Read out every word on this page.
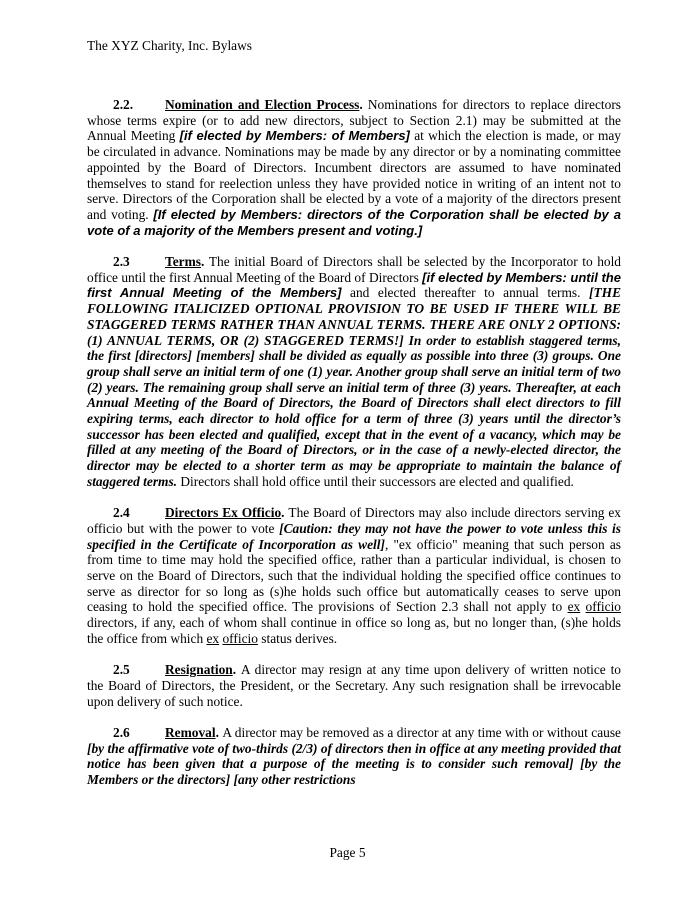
The XYZ Charity, Inc. Bylaws

2.2. Nomination and Election Process. Nominations for directors to replace directors whose terms expire (or to add new directors, subject to Section 2.1) may be submitted at the Annual Meeting [if elected by Members: of Members] at which the election is made, or may be circulated in advance. Nominations may be made by any director or by a nominating committee appointed by the Board of Directors. Incumbent directors are assumed to have nominated themselves to stand for reelection unless they have provided notice in writing of an intent not to serve. Directors of the Corporation shall be elected by a vote of a majority of the directors present and voting. [If elected by Members: directors of the Corporation shall be elected by a vote of a majority of the Members present and voting.]

2.3	Terms. The initial Board of Directors shall be selected by the Incorporator to hold office until the first Annual Meeting of the Board of Directors [if elected by Members: until the first Annual Meeting of the Members] and elected thereafter to annual terms. [THE FOLLOWING ITALICIZED OPTIONAL PROVISION TO BE USED IF THERE WILL BE STAGGERED TERMS RATHER THAN ANNUAL TERMS. THERE ARE ONLY 2 OPTIONS: (1) ANNUAL TERMS, OR (2) STAGGERED TERMS!] In order to establish staggered terms, the first [directors] [members] shall be divided as equally as possible into three (3) groups. One group shall serve an initial term of one (1) year. Another group shall serve an initial term of two (2) years. The remaining group shall serve an initial term of three (3) years. Thereafter, at each Annual Meeting of the Board of Directors, the Board of Directors shall elect directors to fill expiring terms, each director to hold office for a term of three (3) years until the director’s successor has been elected and qualified, except that in the event of a vacancy, which may be filled at any meeting of the Board of Directors, or in the case of a newly-elected director, the director may be elected to a shorter term as may be appropriate to maintain the balance of staggered terms. Directors shall hold office until their successors are elected and qualified.

2.4	Directors Ex Officio. The Board of Directors may also include directors serving ex officio but with the power to vote [Caution: they may not have the power to vote unless this is specified in the Certificate of Incorporation as well], "ex officio" meaning that such person as from time to time may hold the specified office, rather than a particular individual, is chosen to serve on the Board of Directors, such that the individual holding the specified office continues to serve as director for so long as (s)he holds such office but automatically ceases to serve upon ceasing to hold the specified office. The provisions of Section 2.3 shall not apply to ex officio directors, if any, each of whom shall continue in office so long as, but no longer than, (s)he holds the office from which ex officio status derives.

2.5	Resignation. A director may resign at any time upon delivery of written notice to the Board of Directors, the President, or the Secretary. Any such resignation shall be irrevocable upon delivery of such notice.

2.6	Removal. A director may be removed as a director at any time with or without cause [by the affirmative vote of two-thirds (2/3) of directors then in office at any meeting provided that notice has been given that a purpose of the meeting is to consider such removal] [by the Members or the directors] [any other restrictions

Page 5
